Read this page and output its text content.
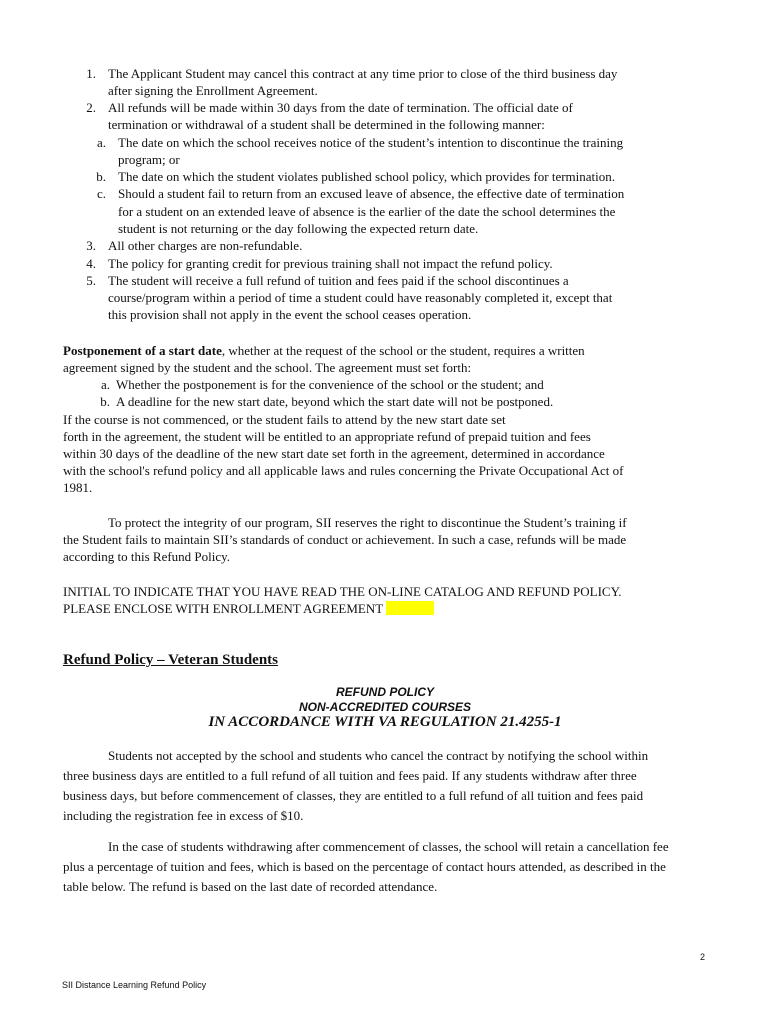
1. The Applicant Student may cancel this contract at any time prior to close of the third business day
after signing the Enrollment Agreement.
2. All refunds will be made within 30 days from the date of termination. The official date of
termination or withdrawal of a student shall be determined in the following manner:
a. The date on which the school receives notice of the student’s intention to discontinue the training
program; or
b. The date on which the student violates published school policy, which provides for termination.
c. Should a student fail to return from an excused leave of absence, the effective date of termination
for a student on an extended leave of absence is the earlier of the date the school determines the
student is not returning or the day following the expected return date.
3. All other charges are non-refundable.
4. The policy for granting credit for previous training shall not impact the refund policy.
5. The student will receive a full refund of tuition and fees paid if the school discontinues a
course/program within a period of time a student could have reasonably completed it, except that
this provision shall not apply in the event the school ceases operation.
Postponement of a start date, whether at the request of the school or the student, requires a written
agreement signed by the student and the school. The agreement must set forth:
a. Whether the postponement is for the convenience of the school or the student; and
b. A deadline for the new start date, beyond which the start date will not be postponed.
If the course is not commenced, or the student fails to attend by the new start date set
forth in the agreement, the student will be entitled to an appropriate refund of prepaid tuition and fees
within 30 days of the deadline of the new start date set forth in the agreement, determined in accordance
with the school's refund policy and all applicable laws and rules concerning the Private Occupational Act of
1981.
To protect the integrity of our program, SII reserves the right to discontinue the Student’s training if
the Student fails to maintain SII’s standards of conduct or achievement. In such a case, refunds will be made
according to this Refund Policy.
INITIAL TO INDICATE THAT YOU HAVE READ THE ON-LINE CATALOG AND REFUND POLICY.
PLEASE ENCLOSE WITH ENROLLMENT AGREEMENT
Refund Policy – Veteran Students
REFUND POLICY
NON-ACCREDITED COURSES
IN ACCORDANCE WITH VA REGULATION 21.4255-1
Students not accepted by the school and students who cancel the contract by notifying the school within
three business days are entitled to a full refund of all tuition and fees paid. If any students withdraw after three
business days, but before commencement of classes, they are entitled to a full refund of all tuition and fees paid
including the registration fee in excess of $10.
In the case of students withdrawing after commencement of classes, the school will retain a cancellation fee
plus a percentage of tuition and fees, which is based on the percentage of contact hours attended, as described in the
table below. The refund is based on the last date of recorded attendance.
2
SII Distance Learning Refund Policy
